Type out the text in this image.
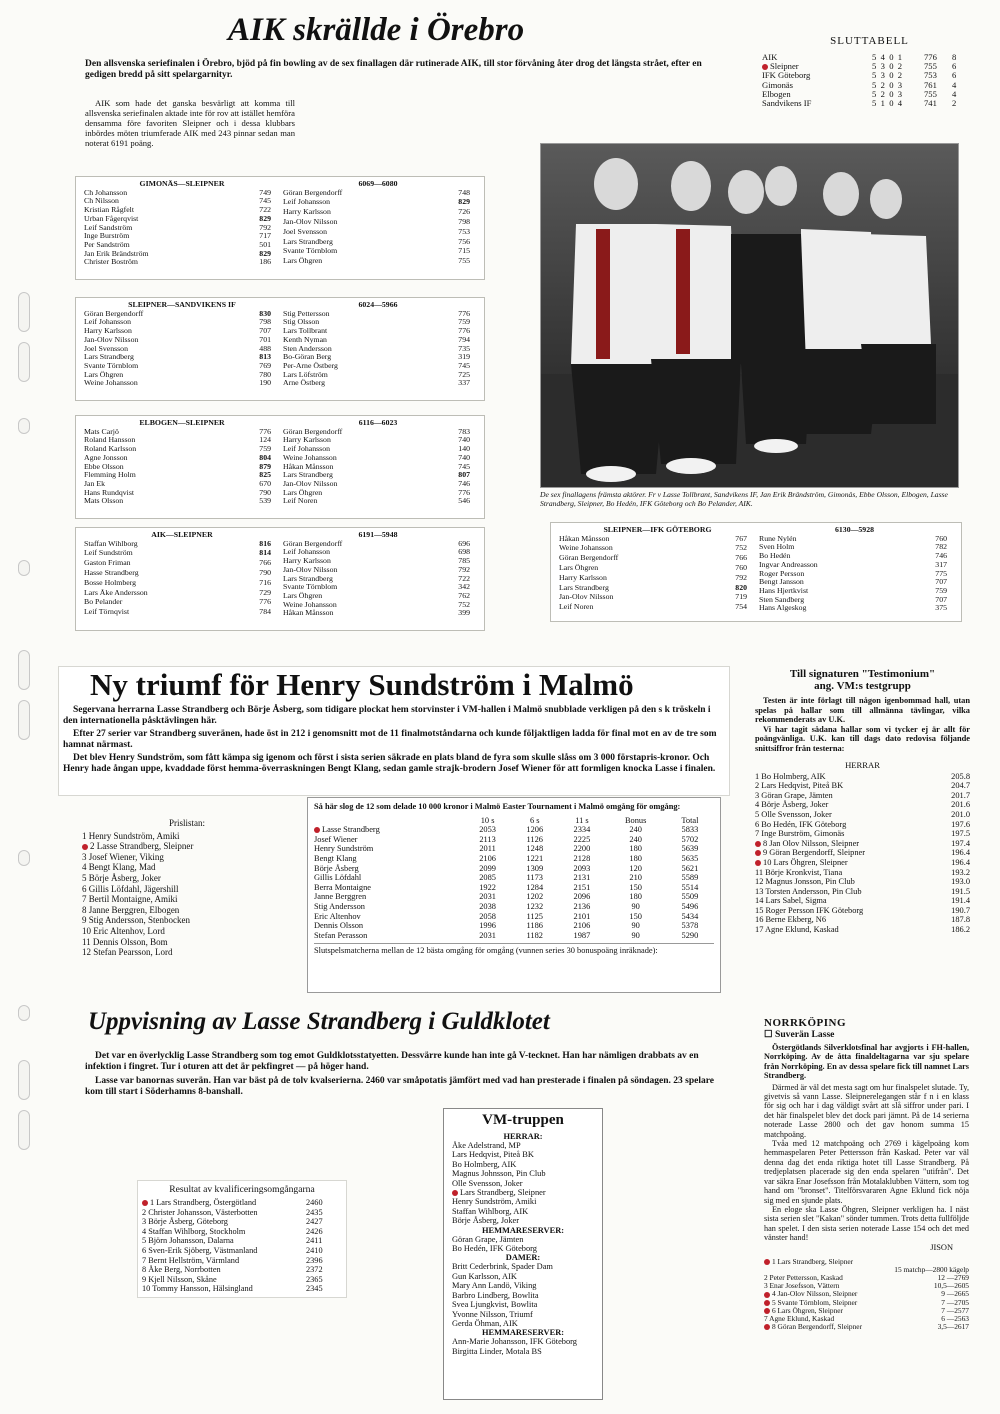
AIK skrällde i Örebro
Den allsvenska seriefinalen i Örebro, bjöd på fin bowling av de sex finallagen där rutinerade AIK, till stor förvåning åter drog det längsta strået, efter en gedigen bredd på sitt spelargarnityr.
AIK som hade det ganska besvärligt att komma till allsvenska seriefinalen aktade inte för rov att istället hemföra densamma före favoriten Sleipner och i dessa klubbars inbördes möten triumferade AIK med 243 pinnar sedan man noterat 6191 poäng.
SLUTTABELL
AIK	5 4 0 1	776	8
Sleipner	5 3 0 2	755	6
IFK Göteborg	5 3 0 2	753	6
Gimonäs	5 2 0 3	761	4
Elbogen	5 2 0 3	755	4
Sandvikens IF	5 1 0 4	741	2
De sex finallagens främsta aktörer. Fr v Lasse Tollbrant, Sandvikens IF, Jan Erik Brändström, Gimonäs, Ebbe Olsson, Elbogen, Lasse Strandberg, Sleipner, Bo Hedén, IFK Göteborg och Bo Pelander, AIK.
GIMONÄS—SLEIPNER	6069—6080
Ch Johansson	749
Ch Nilsson	745
Kristian Rågfelt	722
Urban Fågerqvist	829
Leif Sandström	792
Inge Burström	717
Per Sandström	501
Jan Erik Brändström	829
Christer Boström	186
Göran Bergendorff	748
Leif Johansson	829
Harry Karlsson	726
Jan-Olov Nilsson	798
Joel Svensson	753
Lars Strandberg	756
Svante Törnblom	715
Lars Öhgren	755
SLEIPNER—SANDVIKENS IF	6024—5966
Göran Bergendorff	830
Leif Johansson	798
Harry Karlsson	707
Jan-Olov Nilsson	701
Joel Svensson	488
Lars Strandberg	813
Svante Törnblom	769
Lars Öhgren	780
Weine Johansson	190
Stig Pettersson	776
Stig Olsson	759
Lars Tollbrant	776
Kenth Nyman	794
Sten Andersson	735
Bo-Göran Berg	319
Per-Arne Östberg	745
Lars Löfström	725
Arne Östberg	337
ELBOGEN—SLEIPNER	6116—6023
Mats Carjö	776
Roland Hansson	124
Roland Karlsson	759
Agne Jonsson	804
Ebbe Olsson	879
Flemming Holm	825
Jan Ek	670
Hans Rundqvist	790
Mats Olsson	539
Göran Bergendorff	783
Harry Karlsson	740
Leif Johansson	140
Weine Johansson	740
Håkan Månsson	745
Lars Strandberg	807
Jan-Olov Nilsson	746
Lars Öhgren	776
Leif Noren	546
AIK—SLEIPNER	6191—5948
Staffan Wihlborg	816
Leif Sundström	814
Gaston Friman	766
Hasse Strandberg	790
Bosse Holmberg	716
Lars Åke Andersson	729
Bo Pelander	776
Leif Törnqvist	784
Göran Bergendorff	696
Leif Johansson	698
Harry Karlsson	785
Jan-Olov Nilsson	792
Lars Strandberg	722
Svante Törnblom	342
Lars Öhgren	762
Weine Johansson	752
Håkan Månsson	399
SLEIPNER—IFK GÖTEBORG	6130—5928
Håkan Månsson	767
Weine Johansson	752
Göran Bergendorff	766
Lars Öhgren	760
Harry Karlsson	792
Lars Strandberg	820
Jan-Olov Nilsson	719
Leif Noren	754
Rune Nylén	760
Sven Holm	782
Bo Hedén	746
Ingvar Andreasson	317
Roger Persson	775
Bengt Jansson	707
Hans Hjertkvist	759
Sten Sandberg	707
Hans Algeskog	375
Ny triumf för Henry Sundström i Malmö
Segervana herrarna Lasse Strandberg och Börje Åsberg, som tidigare plockat hem storvinster i VM-hallen i Malmö snubblade verkligen på den s k tröskeln i den internationella påsktävlingen här.
Efter 27 serier var Strandberg suveränen, hade öst in 212 i genomsnitt mot de 11 finalmotståndarna och kunde följaktligen ladda för final mot en av de tre som hamnat närmast.
Det blev Henry Sundström, som fått kämpa sig igenom och först i sista serien säkrade en plats bland de fyra som skulle slåss om 3 000 förstapris-kronor. Och Henry hade ångan uppe, kvaddade först hemma-överraskningen Bengt Klang, sedan gamle strajk-brodern Josef Wiener för att formligen knocka Lasse i finalen.
Prislistan:
1 Henry Sundström, Amiki
2 Lasse Strandberg, Sleipner
3 Josef Wiener, Viking
4 Bengt Klang, Mad
5 Börje Åsberg, Joker
6 Gillis Löfdahl, Jägershill
7 Bertil Montaigne, Amiki
8 Janne Berggren, Elbogen
9 Stig Andersson, Stenbocken
10 Eric Altenhov, Lord
11 Dennis Olsson, Bom
12 Stefan Pearsson, Lord
Så här slog de 12 som delade 10 000 kronor i Malmö Easter Tournament i Malmö omgång för omgång:
	10 s	6 s	11 s	Bonus	Total
Lasse Strandberg	2053	1206	2334	240	5833
Josef Wiener	2113	1126	2225	240	5702
Henry Sundström	2011	1248	2200	180	5639
Bengt Klang	2106	1221	2128	180	5635
Börje Åsberg	2099	1309	2093	120	5621
Gillis Löfdahl	2085	1173	2131	210	5589
Berra Montaigne	1922	1284	2151	150	5514
Janne Berggren	2031	1202	2096	180	5509
Stig Andersson	2038	1232	2136	90	5496
Eric Altenhov	2058	1125	2101	150	5434
Dennis Olsson	1996	1186	2106	90	5378
Stefan Perasson	2031	1182	1987	90	5290
Slutspelsmatcherna mellan de 12 bästa omgång för omgång (vunnen series 30 bonuspoäng inräknade):
Till signaturen "Testimonium"
ang. VM:s testgrupp
Testen är inte förlagt till någon igenbommad hall, utan spelas på hallar som till allmänna tävlingar, vilka rekommenderats av U.K.
Vi har tagit sådana hallar som vi tycker ej är allt för poängvänliga. U.K. kan till dags dato redovisa följande snittsiffror från testerna:
HERRAR
1 Bo Holmberg, AIK	205.8
2 Lars Hedqvist, Piteå BK	204.7
3 Göran Grape, Jämten	201.7
4 Börje Åsberg, Joker	201.6
5 Olle Svensson, Joker	201.0
6 Bo Hedén, IFK Göteborg	197.6
7 Inge Burström, Gimonäs	197.5
8 Jan Olov Nilsson, Sleipner	197.4
9 Göran Bergendorff, Sleipner	196.4
10 Lars Öhgren, Sleipner	196.4
11 Börje Kronkvist, Tiana	193.2
12 Magnus Jonsson, Pin Club	193.0
13 Torsten Andersson, Pin Club	191.5
14 Lars Sabel, Sigma	191.4
15 Roger Persson IFK Göteborg	190.7
16 Berne Ekberg, N6	187.8
17 Agne Eklund, Kaskad	186.2
Uppvisning av Lasse Strandberg i Guldklotet
Det var en överlycklig Lasse Strandberg som tog emot Guldklotsstatyetten. Dessvärre kunde han inte gå V-tecknet. Han har nämligen drabbats av en infektion i fingret. Tur i oturen att det är pekfingret — på höger hand.
Lasse var banornas suverän. Han var bäst på de tolv kvalserierna. 2460 var småpotatis jämfört med vad han presterade i finalen på söndagen. 23 spelare kom till start i Söderhamns 8-banshall.
Resultat av kvalificeringsomgångarna
1 Lars Strandberg, Östergötland	2460
2 Christer Johansson, Västerbotten	2435
3 Börje Åsberg, Göteborg	2427
4 Staffan Wihlborg, Stockholm	2426
5 Björn Johansson, Dalarna	2411
6 Sven-Erik Sjöberg, Västmanland	2410
7 Bernt Hellström, Värmland	2396
8 Åke Berg, Norrbotten	2372
9 Kjell Nilsson, Skåne	2365
10 Tommy Hansson, Hälsingland	2345
VM-truppen
HERRAR:
Åke Adelstrand, MP
Lars Hedqvist, Piteå BK
Bo Holmberg, AIK
Magnus Johnsson, Pin Club
Olle Svensson, Joker
Lars Strandberg, Sleipner
Henry Sundström, Amiki
Staffan Wihlborg, AIK
Börje Åsberg, Joker
HEMMARESERVER:
Göran Grape, Jämten
Bo Hedén, IFK Göteborg
DAMER:
Britt Cederbrink, Spader Dam
Gun Karlsson, AIK
Mary Ann Landö, Viking
Barbro Lindberg, Bowlita
Svea Ljungkvist, Bowlita
Yvonne Nilsson, Triumf
Gerda Öhman, AIK
HEMMARESERVER:
Ann-Marie Johansson, IFK Göteborg
Birgitta Linder, Motala BS
NORRKÖPING
☐ Suverän Lasse
Östergötlands Silverklotsfinal har avgjorts i FH-hallen, Norrköping. Av de åtta finaldeltagarna var sju spelare från Norrköping. En av dessa spelare fick till namnet Lars Strandberg.
Därmed är väl det mesta sagt om hur finalspelet slutade. Ty, givetvis så vann Lasse. Sleipnerelegangen står f n i en klass för sig och har i dag väldigt svårt att slå siffror under pari. I det här finalspelet blev det dock pari jämnt. På de 14 serierna noterade Lasse 2800 och det gav honom summa 15 matchpoäng.
Tvåa med 12 matchpoäng och 2769 i kägelpoäng kom hemmaspelaren Peter Pettersson från Kaskad. Peter var väl denna dag det enda riktiga hotet till Lasse Strandberg. På tredjeplatsen placerade sig den enda spelaren "utifrån". Det var säkra Enar Josefsson från Motalaklubben Vättern, som tog hand om "bronset". Titelförsvararen Agne Eklund fick nöja sig med en sjunde plats.
En eloge ska Lasse Öhgren, Sleipner verkligen ha. I näst sista serien slet "Kakan" sönder tummen. Trots detta fullföljde han spelet. I den sista serien noterade Lasse 154 och det med vänster hand!
JISON
1 Lars Strandberg, Sleipner
15 matchp—2800 kägelp
2 Peter Pettersson, Kaskad	12 —2769
3 Enar Josefsson, Vättern	10,5—2605
4 Jan-Olov Nilsson, Sleipner	9 —2665
5 Svante Törnblom, Sleipner	7 —2705
6 Lars Öhgren, Sleipner	7 —2577
7 Agne Eklund, Kaskad	6 —2563
8 Göran Bergendorff, Sleipner	3,5—2617
